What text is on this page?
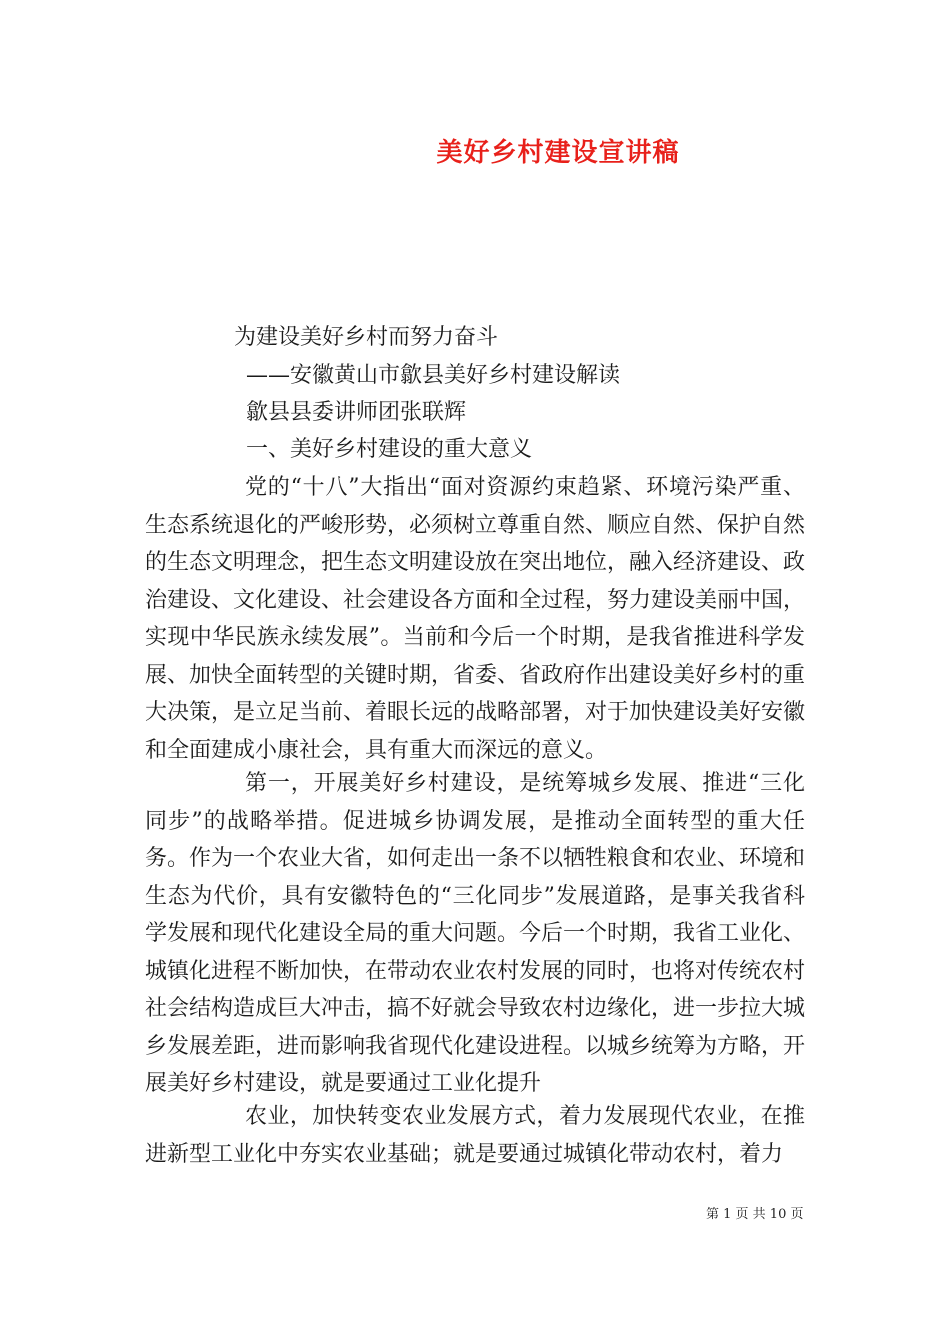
美好乡村建设宣讲稿
为建设美好乡村而努力奋斗
——安徽黄山市歙县美好乡村建设解读
歙县县委讲师团张联辉
一、美好乡村建设的重大意义

党的“十八”大指出“面对资源约束趋紧、环境污染严重、生态系统退化的严峻形势，必须树立尊重自然、顺应自然、保护自然的生态文明理念，把生态文明建设放在突出地位，融入经济建设、政治建设、文化建设、社会建设各方面和全过程，努力建设美丽中国，实现中华民族永续发展”。当前和今后一个时期，是我省推进科学发展、加快全面转型的关键时期，省委、省政府作出建设美好乡村的重大决策，是立足当前、着眼长远的战略部署，对于加快建设美好安徽和全面建成小康社会，具有重大而深远的意义。

第一，开展美好乡村建设，是统筹城乡发展、推进“三化同步”的战略举措。促进城乡协调发展，是推动全面转型的重大任务。作为一个农业大省，如何走出一条不以牺牲粮食和农业、环境和生态为代价，具有安徽特色的“三化同步”发展道路，是事关我省科学发展和现代化建设全局的重大问题。今后一个时期，我省工业化、城镇化进程不断加快，在带动农业农村发展的同时，也将对传统农村社会结构造成巨大冲击，搞不好就会导致农村边缘化，进一步拉大城乡发展差距，进而影响我省现代化建设进程。以城乡统筹为方略，开展美好乡村建设，就是要通过工业化提升

农业，加快转变农业发展方式，着力发展现代农业，在推进新型工业化中夯实农业基础；就是要通过城镇化带动农村，着力

第 1 页 共 10 页
